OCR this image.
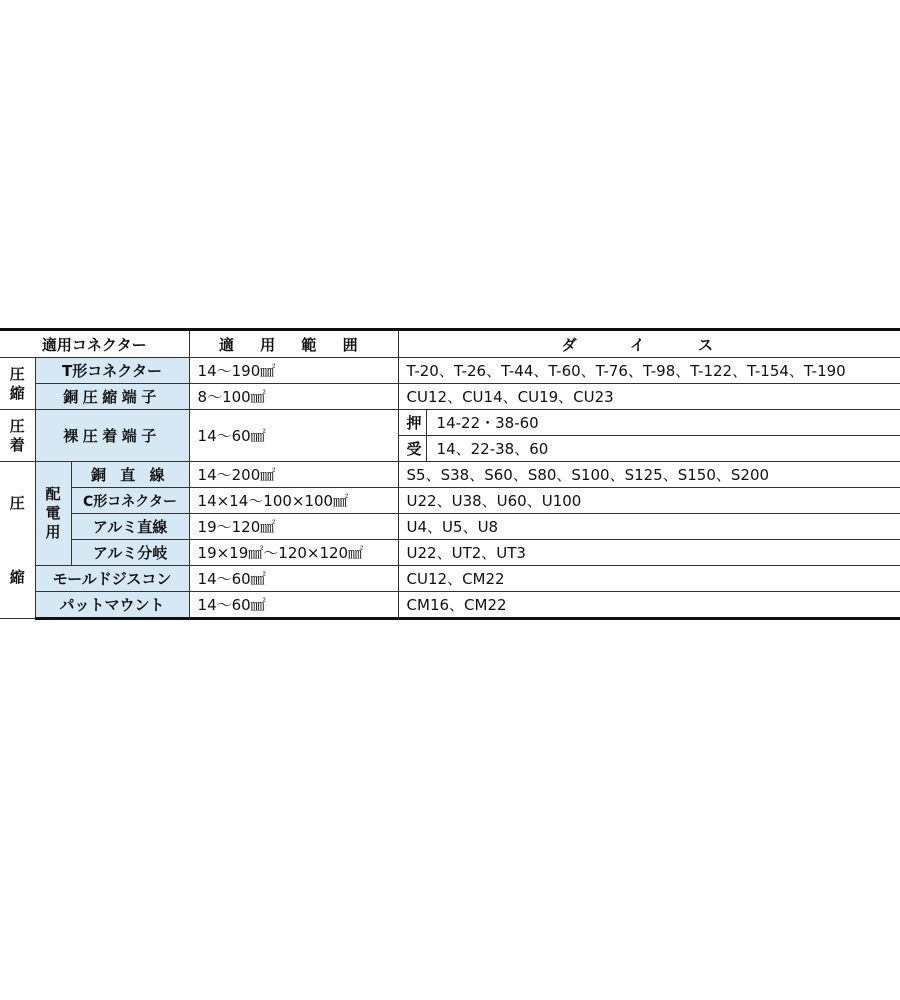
適用コネクター			適 用 範 囲	ダ イ ス	

圧縮	T形コネクター		14〜190㎟	T-20、T-26、T-44、T-60、T-76、T-98、T-122、T-154、T-190	
	銅圧縮端子		8〜100㎟	CU12、CU14、CU19、CU23	

圧着	裸圧着端子		14〜60㎟	押	14-22・38-60
				受	14、22-38、60

圧
縮	配電用	銅 直 線	14〜200㎟	S5、S38、S60、S80、S100、S125、S150、S200	
		C形コネクター	14×14〜100×100㎟	U22、U38、U60、U100	
		アルミ直線	19〜120㎟	U4、U5、U8	
		アルミ分岐	19×19㎟〜120×120㎟	U22、UT2、UT3	
	モールドジスコン		14〜60㎟	CU12、CM22	
	パットマウント		14〜60㎟	CM16、CM22	
